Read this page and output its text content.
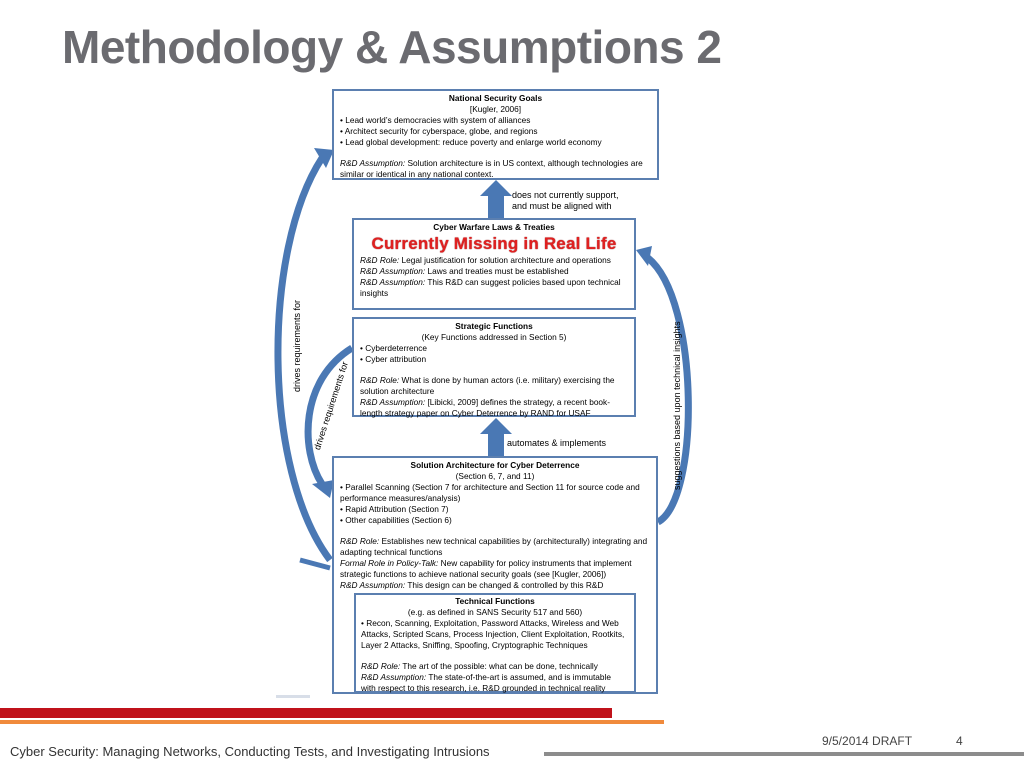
Methodology & Assumptions 2
National Security Goals
[Kugler, 2006]
• Lead world’s democracies with system of alliances
• Architect security for cyberspace, globe, and regions
• Lead global development: reduce poverty and enlarge world economy
R&D Assumption: Solution architecture is in US context, although technologies are
similar or identical in any national context.
does not currently support,
and must be aligned with
Cyber Warfare Laws & Treaties
Currently Missing in Real Life
R&D Role: Legal justification for solution architecture and operations
R&D Assumption: Laws and treaties must be established
R&D Assumption: This R&D can suggest policies based upon technical
insights
Strategic Functions
(Key Functions addressed in Section 5)
• Cyberdeterrence
• Cyber attribution
R&D Role: What is done by human actors (i.e. military) exercising the
solution architecture
R&D Assumption: [Libicki, 2009] defines the strategy, a recent book-
length strategy paper on Cyber Deterrence by RAND for USAF
automates & implements
Solution Architecture for Cyber Deterrence
(Section 6, 7, and 11)
• Parallel Scanning (Section 7 for architecture and Section 11 for source code and
performance measures/analysis)
• Rapid Attribution (Section 7)
• Other capabilities (Section 6)
R&D Role: Establishes new technical capabilities by (architecturally) integrating and
adapting technical functions
Formal Role in Policy-Talk: New capability for policy instruments that implement
strategic functions to achieve national security goals (see [Kugler, 2006])
R&D Assumption: This design can be changed & controlled by this R&D
Technical Functions
(e.g. as defined in SANS Security 517 and 560)
• Recon, Scanning, Exploitation, Password Attacks, Wireless and Web
Attacks, Scripted Scans, Process Injection, Client Exploitation, Rootkits,
Layer 2 Attacks, Sniffing, Spoofing, Cryptographic Techniques
R&D Role: The art of the possible: what can be done, technically
R&D Assumption: The state-of-the-art is assumed, and is immutable
with respect to this research, i.e. R&D grounded in technical reality
drives requirements for
drives requirements for	suggestions based upon technical insights
Cyber Security: Managing Networks, Conducting Tests, and Investigating Intrusions
9/5/2014 DRAFT	4
